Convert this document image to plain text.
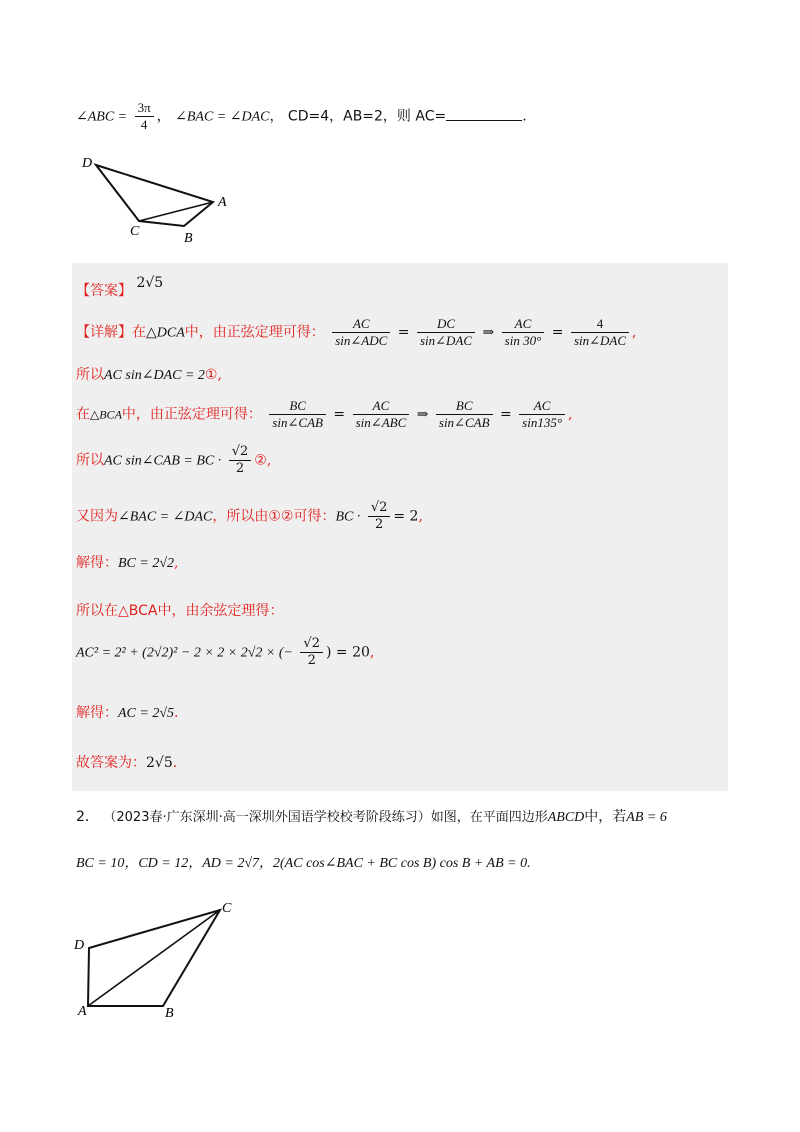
∠ABC = $\frac{3\pi}{4}$ ， ∠BAC = ∠DAC， CD=4，AB=2，则 AC=	.
D
A
C	B
【答案】 2√5
【详解】在△DCA中，由正弦定理可得： $\frac{AC}{\text{sin∠ADC}} = \frac{DC}{\text{sin∠DAC}}$ ⇒ $\frac{AC}{\sin 30^\circ} = \frac{4}{\text{sin∠DAC}}$ ,
所以AC sin∠DAC = 2①,
在△BCA中，由正弦定理可得： $\frac{BC}{\text{sin∠CAB}} = \frac{AC}{\text{sin∠ABC}}$ ⇒ $\frac{BC}{\text{sin∠CAB}} = \frac{AC}{\sin 135^\circ}$ ,
所以AC sin∠CAB = BC · $\frac{√2}{2}$ ②,
又因为∠BAC = ∠DAC，所以由①②可得：BC · $\frac{√2}{2} = 2$,
解得：BC = 2√2,
所以在△BCA中，由余弦定理得：
AC² = 2² + (2√2)² − 2 × 2 × 2√2 × (− $\frac{√2}{2}$ ) = 20,
解得：AC = 2√5.
故答案为：2√5.
2． （2023春·广东深圳·高一深圳外国语学校校考阶段练习）如图，在平面四边形ABCD中，若AB = 6
BC = 10，CD = 12，AD = 2√7，2(AC cos∠BAC + BC cos B) cos B + AB = 0.
C
D
A	B
